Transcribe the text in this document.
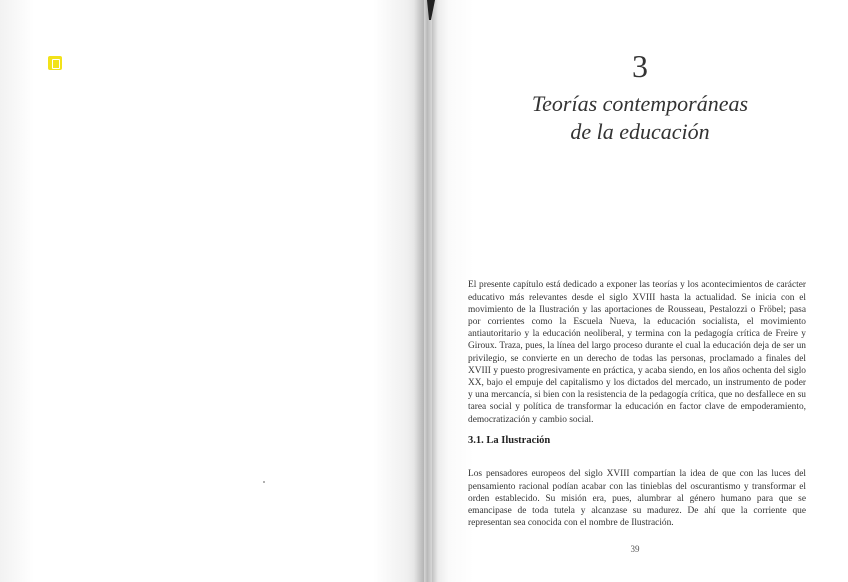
3
Teorías contemporáneas
de la educación

El presente capítulo está dedicado a exponer las teorías y los acontecimientos de carácter educativo más relevantes desde el siglo XVIII hasta la actualidad. Se inicia con el movimiento de la Ilustración y las aportaciones de Rousseau, Pestalozzi o Fröbel; pasa por corrientes como la Escuela Nueva, la educación socialista, el movimiento antiautoritario y la educación neoliberal, y termina con la pedagogía crítica de Freire y Giroux. Traza, pues, la línea del largo proceso durante el cual la educación deja de ser un privilegio, se convierte en un derecho de todas las personas, proclamado a finales del XVIII y puesto progresivamente en práctica, y acaba siendo, en los años ochenta del siglo XX, bajo el empuje del capitalismo y los dictados del mercado, un instrumento de poder y una mercancía, si bien con la resistencia de la pedagogía crítica, que no desfallece en su tarea social y política de transformar la educación en factor clave de empoderamiento, democratización y cambio social.

3.1. La Ilustración

Los pensadores europeos del siglo XVIII compartían la idea de que con las luces del pensamiento racional podían acabar con las tinieblas del oscurantismo y transformar el orden establecido. Su misión era, pues, alumbrar al género humano para que se emancipase de toda tutela y alcanzase su madurez. De ahí que la corriente que representan sea conocida con el nombre de Ilustración.

39
